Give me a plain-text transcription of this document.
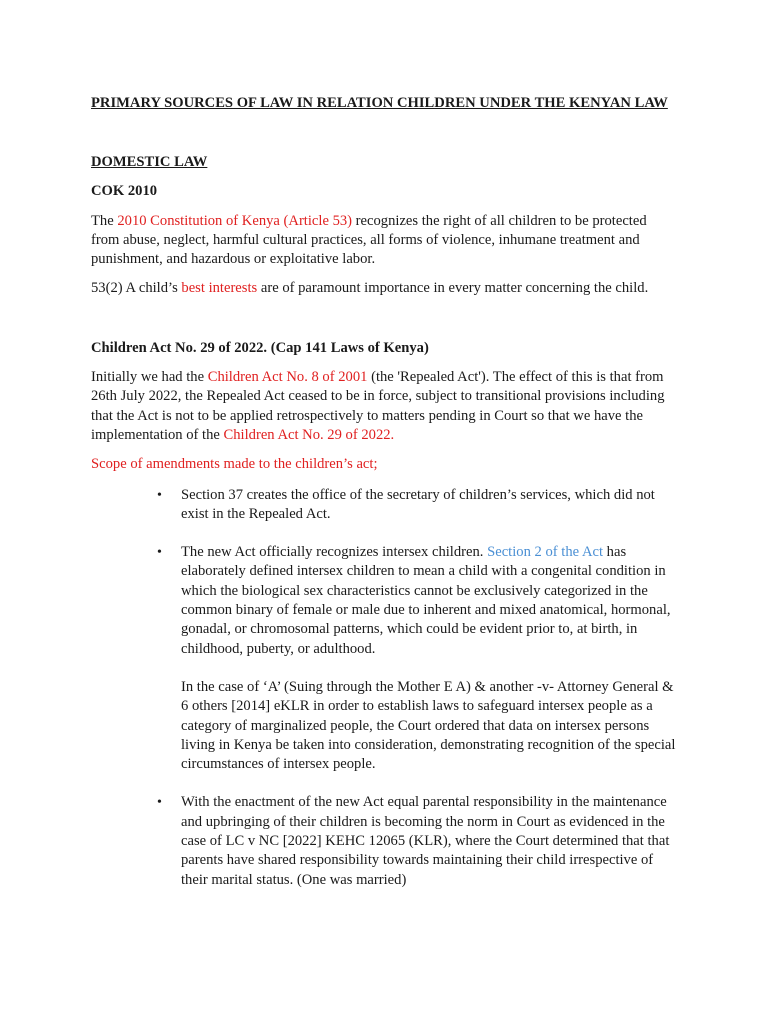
PRIMARY SOURCES OF LAW IN RELATION CHILDREN UNDER THE KENYAN LAW

DOMESTIC LAW

COK 2010

The 2010 Constitution of Kenya (Article 53) recognizes the right of all children to be protected from abuse, neglect, harmful cultural practices, all forms of violence, inhumane treatment and punishment, and hazardous or exploitative labor.

53(2) A child’s best interests are of paramount importance in every matter concerning the child.

Children Act No. 29 of 2022. (Cap 141 Laws of Kenya)

Initially we had the Children Act No. 8 of 2001 (the 'Repealed Act'). The effect of this is that from 26th July 2022, the Repealed Act ceased to be in force, subject to transitional provisions including that the Act is not to be applied retrospectively to matters pending in Court so that we have the implementation of the Children Act No. 29 of 2022.

Scope of amendments made to the children’s act;

• Section 37 creates the office of the secretary of children’s services, which did not exist in the Repealed Act.
• The new Act officially recognizes intersex children. Section 2 of the Act has elaborately defined intersex children to mean a child with a congenital condition in which the biological sex characteristics cannot be exclusively categorized in the common binary of female or male due to inherent and mixed anatomical, hormonal, gonadal, or chromosomal patterns, which could be evident prior to, at birth, in childhood, puberty, or adulthood.

In the case of ‘A’ (Suing through the Mother E A) & another -v- Attorney General & 6 others [2014] eKLR in order to establish laws to safeguard intersex people as a category of marginalized people, the Court ordered that data on intersex persons living in Kenya be taken into consideration, demonstrating recognition of the special circumstances of intersex people.

• With the enactment of the new Act equal parental responsibility in the maintenance and upbringing of their children is becoming the norm in Court as evidenced in the case of LC v NC [2022] KEHC 12065 (KLR), where the Court determined that that parents have shared responsibility towards maintaining their child irrespective of their marital status. (One was married)
